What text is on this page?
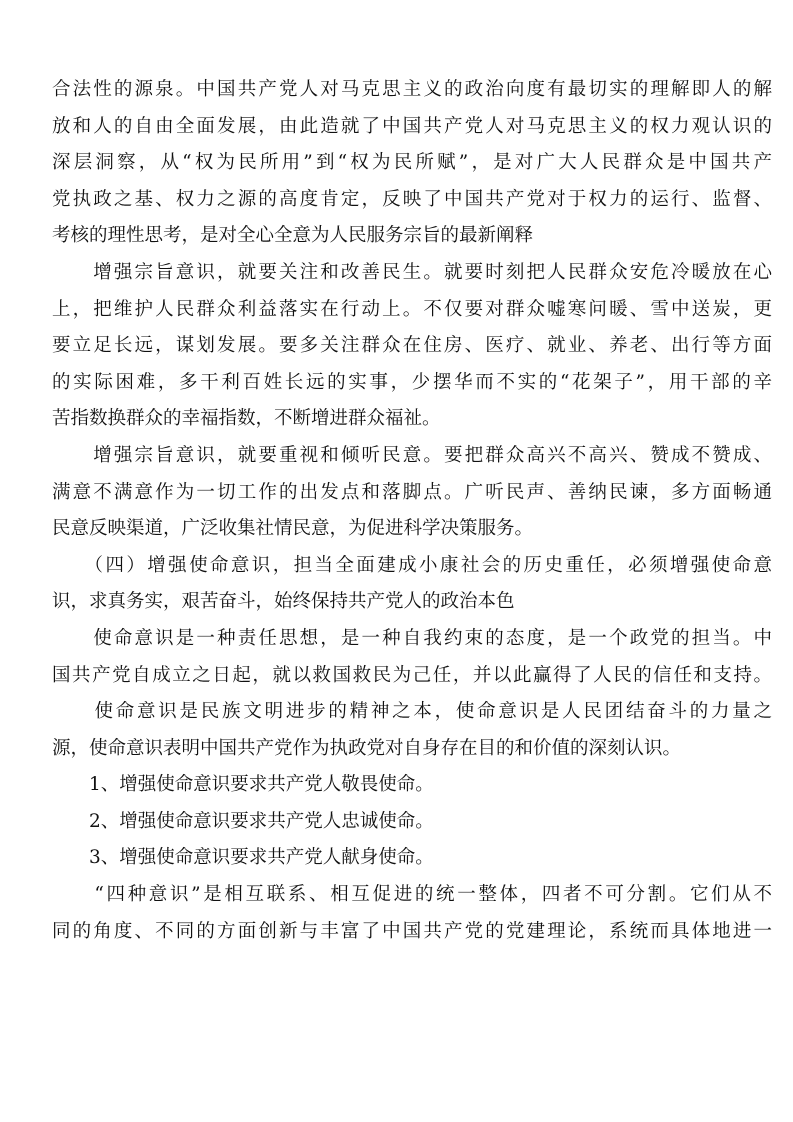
合法性的源泉。中国共产党人对马克思主义的政治向度有最切实的理解即人的解
放和人的自由全面发展，由此造就了中国共产党人对马克思主义的权力观认识的
深层洞察，从“权为民所用”到“权为民所赋”，是对广大人民群众是中国共产
党执政之基、权力之源的高度肯定，反映了中国共产党对于权力的运行、监督、
考核的理性思考，是对全心全意为人民服务宗旨的最新阐释
　　增强宗旨意识，就要关注和改善民生。就要时刻把人民群众安危冷暖放在心
上，把维护人民群众利益落实在行动上。不仅要对群众嘘寒问暖、雪中送炭，更
要立足长远，谋划发展。要多关注群众在住房、医疗、就业、养老、出行等方面
的实际困难，多干利百姓长远的实事，少摆华而不实的“花架子”，用干部的辛
苦指数换群众的幸福指数，不断增进群众福祉。
　　增强宗旨意识，就要重视和倾听民意。要把群众高兴不高兴、赞成不赞成、
满意不满意作为一切工作的出发点和落脚点。广听民声、善纳民谏，多方面畅通
民意反映渠道，广泛收集社情民意，为促进科学决策服务。
　　（四）增强使命意识，担当全面建成小康社会的历史重任，必须增强使命意
识，求真务实，艰苦奋斗，始终保持共产党人的政治本色
　　使命意识是一种责任思想，是一种自我约束的态度，是一个政党的担当。中
国共产党自成立之日起，就以救国救民为己任，并以此赢得了人民的信任和支持。
　　使命意识是民族文明进步的精神之本，使命意识是人民团结奋斗的力量之
源，使命意识表明中国共产党作为执政党对自身存在目的和价值的深刻认识。
　　1、增强使命意识要求共产党人敬畏使命。
　　2、增强使命意识要求共产党人忠诚使命。
　　3、增强使命意识要求共产党人献身使命。
　　“四种意识”是相互联系、相互促进的统一整体，四者不可分割。它们从不
同的角度、不同的方面创新与丰富了中国共产党的党建理论，系统而具体地进一
